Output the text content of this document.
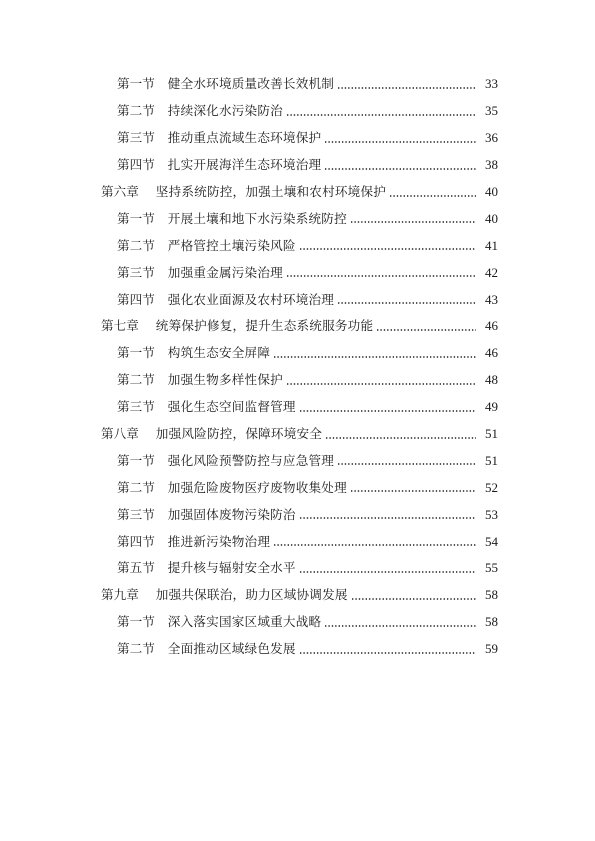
第一节 健全水环境质量改善长效机制	33
第二节 持续深化水污染防治	35
第三节 推动重点流域生态环境保护	36
第四节 扎实开展海洋生态环境治理	38
第六章 坚持系统防控，加强土壤和农村环境保护	40
第一节 开展土壤和地下水污染系统防控	40
第二节 严格管控土壤污染风险	41
第三节 加强重金属污染治理	42
第四节 强化农业面源及农村环境治理	43
第七章 统筹保护修复，提升生态系统服务功能	46
第一节 构筑生态安全屏障	46
第二节 加强生物多样性保护	48
第三节 强化生态空间监督管理	49
第八章 加强风险防控，保障环境安全	51
第一节 强化风险预警防控与应急管理	51
第二节 加强危险废物医疗废物收集处理	52
第三节 加强固体废物污染防治	53
第四节 推进新污染物治理	54
第五节 提升核与辐射安全水平	55
第九章 加强共保联治，助力区域协调发展	58
第一节 深入落实国家区域重大战略	58
第二节 全面推动区域绿色发展	59
